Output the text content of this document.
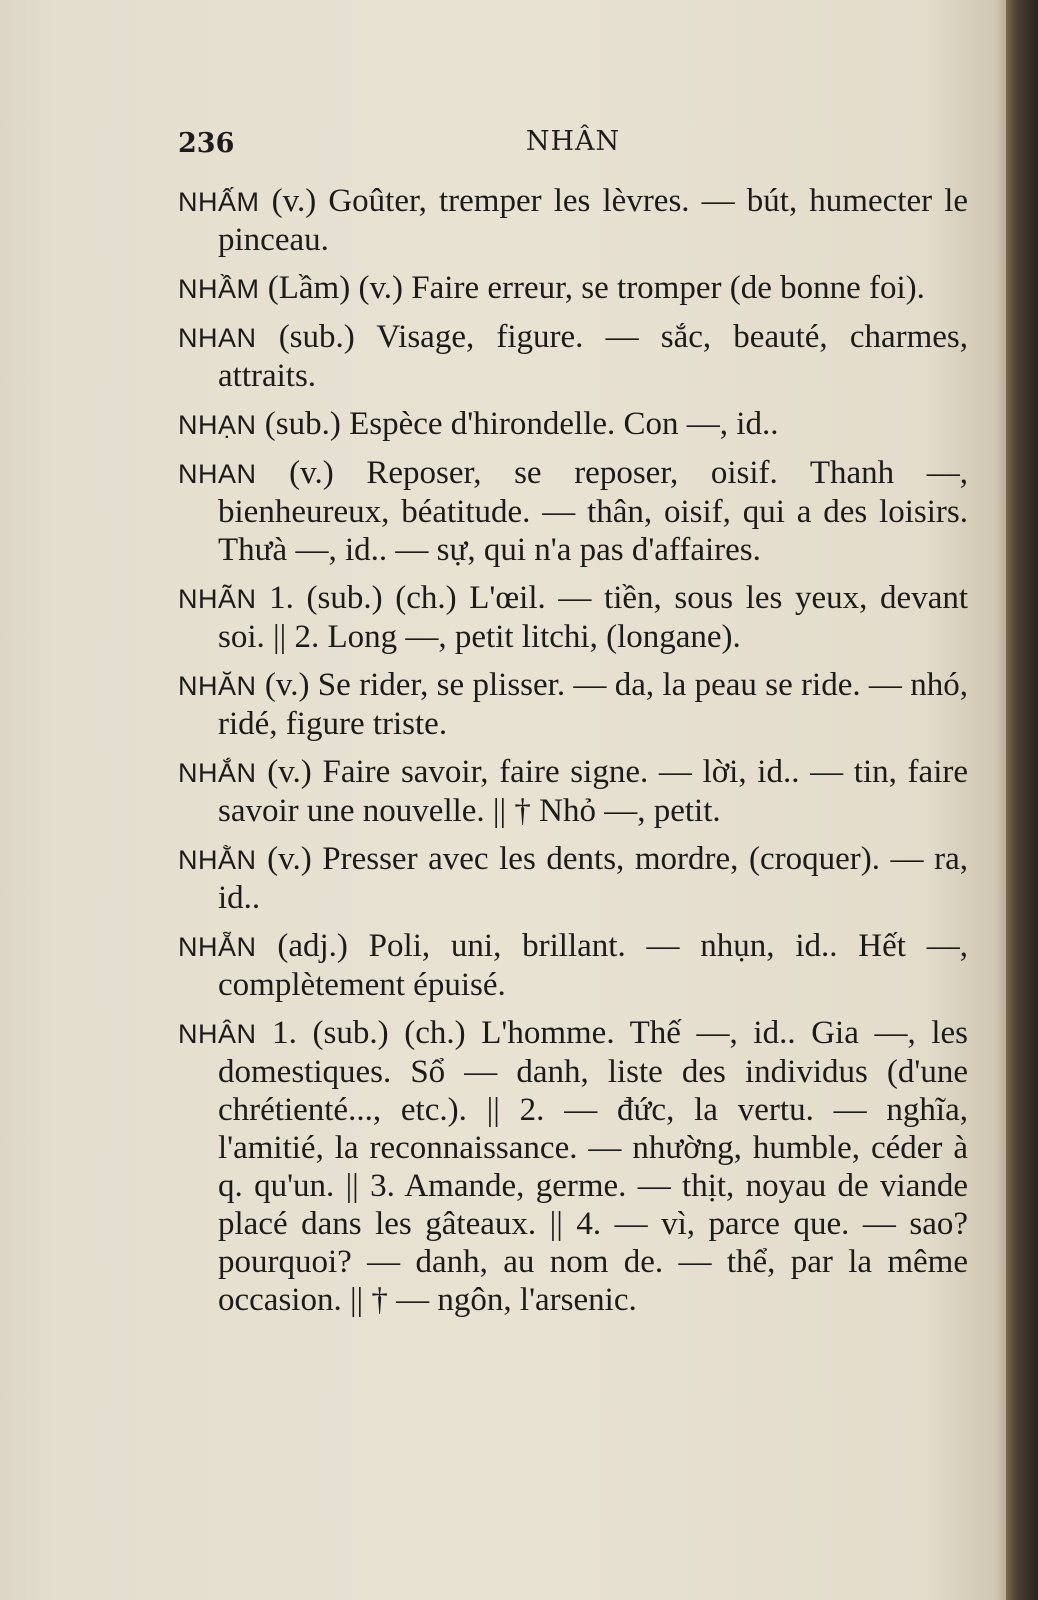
236	NHÂN

NHẤM (v.) Goûter, tremper les lèvres. — bút, humecter le pinceau.

NHẦM (Lầm) (v.) Faire erreur, se tromper (de bonne foi).

NHAN (sub.) Visage, figure. — sắc, beauté, charmes, attraits.

NHẠN (sub.) Espèce d'hirondelle. Con —, id..

NHAN (v.) Reposer, se reposer, oisif. Thanh —, bienheureux, béatitude. — thân, oisif, qui a des loisirs. Thưà —, id.. — sự, qui n'a pas d'affaires.

NHÃN 1. (sub.) (ch.) L'œil. — tiền, sous les yeux, devant soi. || 2. Long —, petit litchi, (longane).

NHĂN (v.) Se rider, se plisser. — da, la peau se ride. — nhó, ridé, figure triste.

NHẮN (v.) Faire savoir, faire signe. — lời, id.. — tin, faire savoir une nouvelle. || † Nhỏ —, petit.

NHẰN (v.) Presser avec les dents, mordre, (croquer). — ra, id..

NHẴN (adj.) Poli, uni, brillant. — nhụn, id.. Hết —, complètement épuisé.

NHÂN 1. (sub.) (ch.) L'homme. Thế —, id.. Gia —, les domestiques. Sổ — danh, liste des individus (d'une chrétienté..., etc.). || 2. — đức, la vertu. — nghĩa, l'amitié, la reconnaissance. — nhường, humble, céder à q. qu'un. || 3. Amande, germe. — thịt, noyau de viande placé dans les gâteaux. || 4. — vì, parce que. — sao? pourquoi? — danh, au nom de. — thể, par la même occasion. || † — ngôn, l'arsenic.
